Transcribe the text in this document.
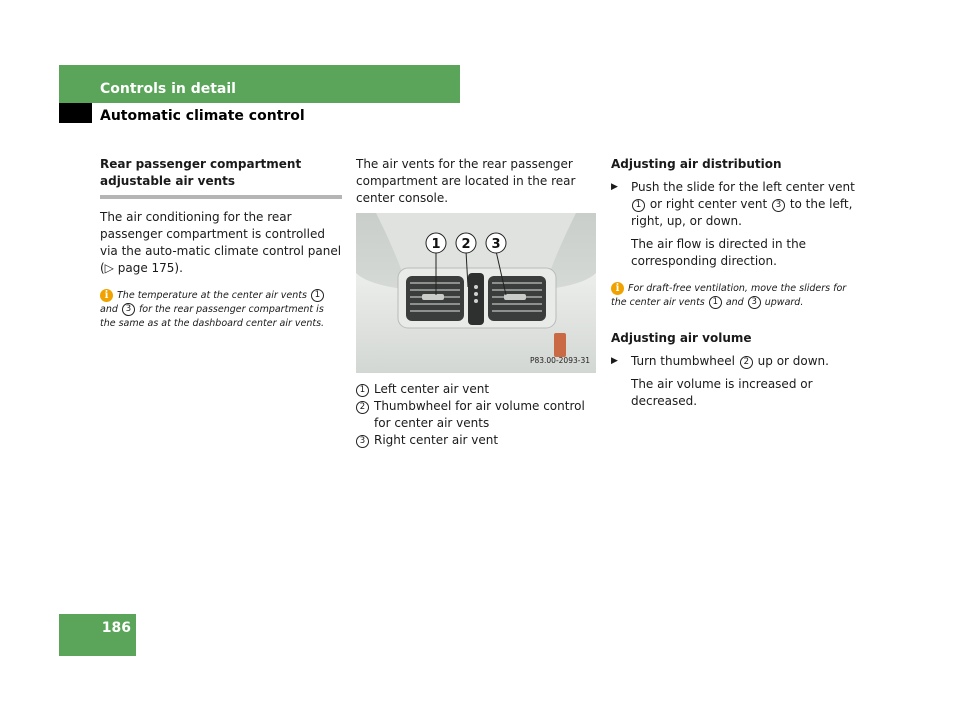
Controls in detail
Automatic climate control
Rear passenger compartment adjustable air vents

The air conditioning for the rear passenger compartment is controlled via the auto-matic climate control panel (▷ page 175).

i The temperature at the center air vents 1 and 3 for the rear passenger compartment is the same as at the dashboard center air vents.

The air vents for the rear passenger compartment are located in the rear center console.

1 2 3
P83.00-2093-31
1 Left center air vent
2 Thumbwheel for air volume control for center air vents
3 Right center air vent
Adjusting air distribution
▶	Push the slide for the left center vent 1 or right center vent 3 to the left, right, up, or down.

The air flow is directed in the corresponding direction.

i For draft-free ventilation, move the sliders for the center air vents 1 and 3 upward.
Adjusting air volume
▶	Turn thumbwheel 2 up or down.

The air volume is increased or decreased.

186
